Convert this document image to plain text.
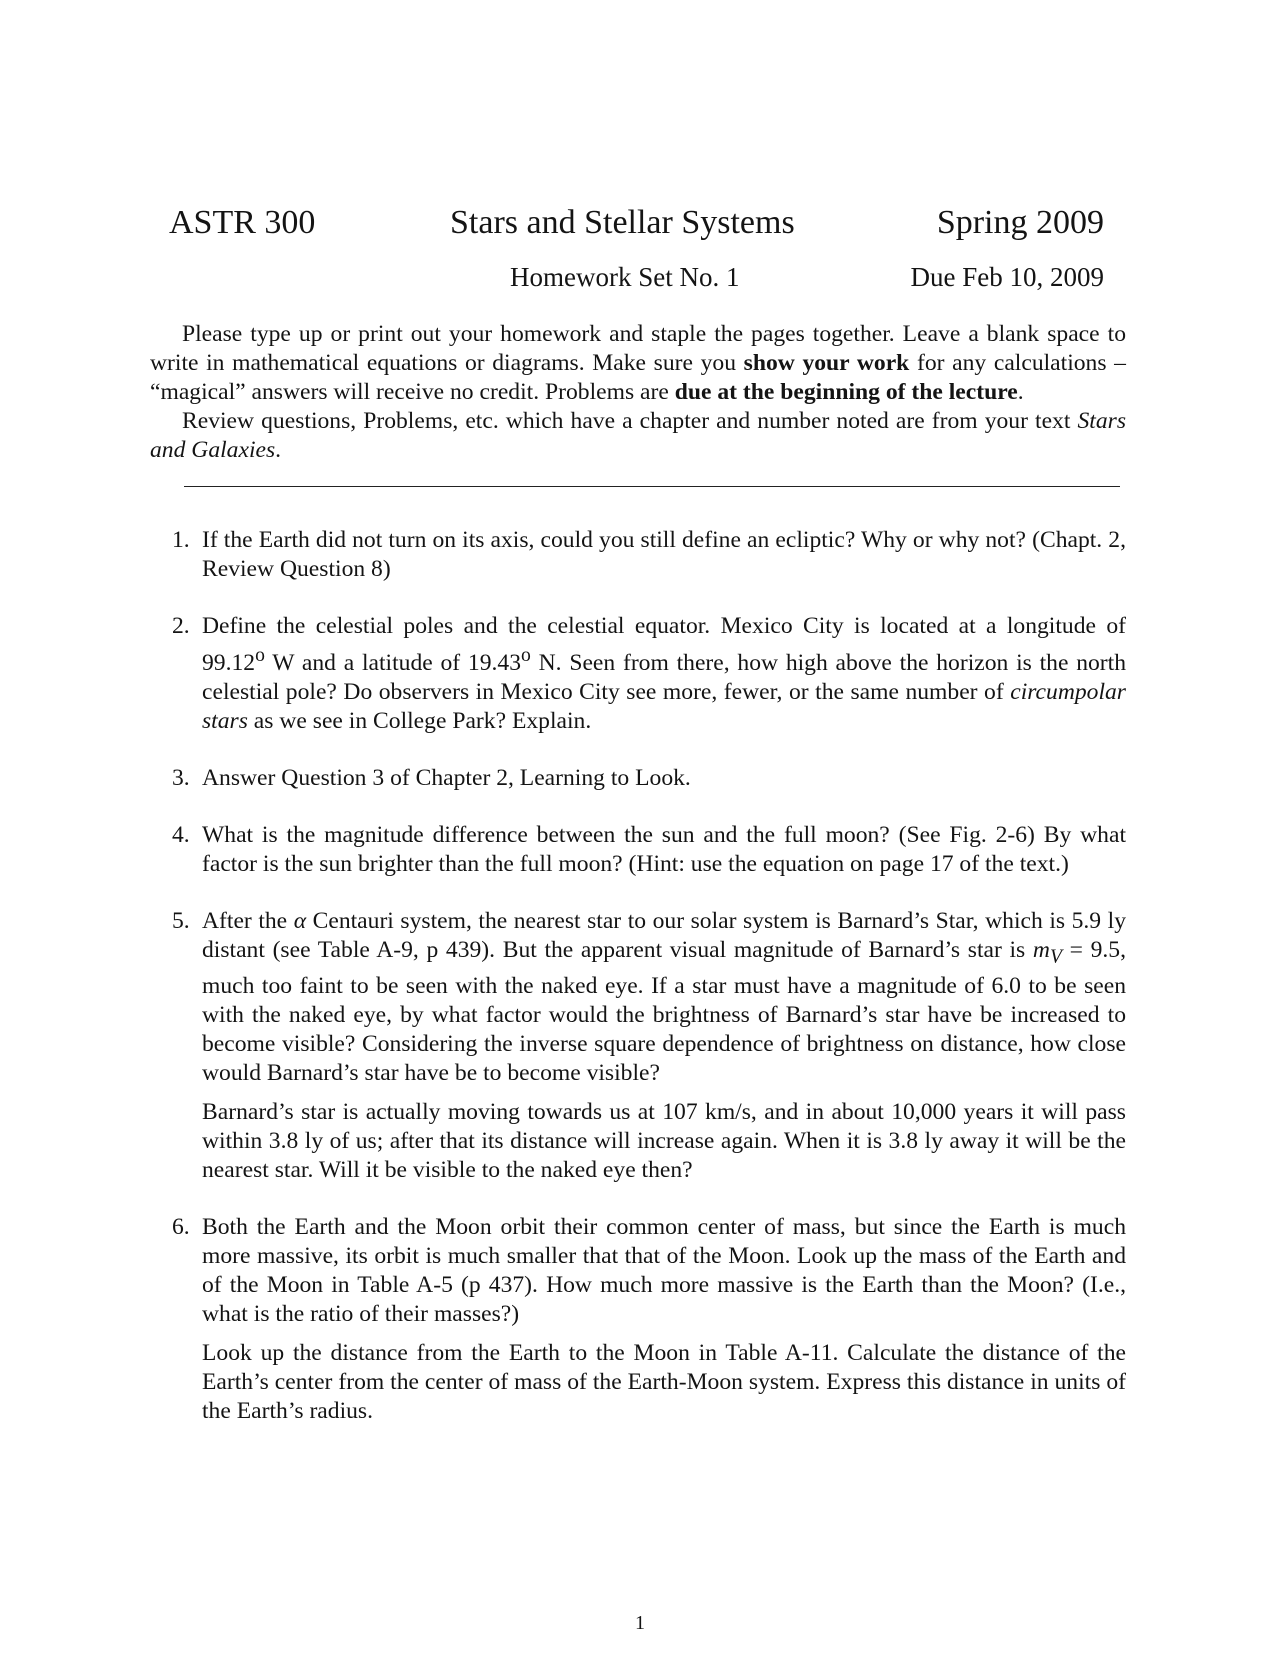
ASTR 300	Stars and Stellar Systems	Spring 2009
Homework Set No. 1	Due Feb 10, 2009

Please type up or print out your homework and staple the pages together. Leave a blank space to write in mathematical equations or diagrams. Make sure you show your work for any calculations – “magical” answers will receive no credit. Problems are due at the beginning of the lecture.

Review questions, Problems, etc. which have a chapter and number noted are from your text Stars and Galaxies.

1. If the Earth did not turn on its axis, could you still define an ecliptic? Why or why not? (Chapt. 2, Review Question 8)

2. Define the celestial poles and the celestial equator. Mexico City is located at a longitude of 99.12$^o$ W and a latitude of 19.43$^o$ N. Seen from there, how high above the horizon is the north celestial pole? Do observers in Mexico City see more, fewer, or the same number of circumpolar stars as we see in College Park? Explain.

3. Answer Question 3 of Chapter 2, Learning to Look.

4. What is the magnitude difference between the sun and the full moon? (See Fig. 2-6) By what factor is the sun brighter than the full moon? (Hint: use the equation on page 17 of the text.)

5. After the α Centauri system, the nearest star to our solar system is Barnard’s Star, which is 5.9 ly distant (see Table A-9, p 439). But the apparent visual magnitude of Barnard’s star is $m_V = 9.5$, much too faint to be seen with the naked eye. If a star must have a magnitude of 6.0 to be seen with the naked eye, by what factor would the brightness of Barnard’s star have be increased to become visible? Considering the inverse square dependence of brightness on distance, how close would Barnard’s star have be to become visible?

Barnard’s star is actually moving towards us at 107 km/s, and in about 10,000 years it will pass within 3.8 ly of us; after that its distance will increase again. When it is 3.8 ly away it will be the nearest star. Will it be visible to the naked eye then?

6. Both the Earth and the Moon orbit their common center of mass, but since the Earth is much more massive, its orbit is much smaller that that of the Moon. Look up the mass of the Earth and of the Moon in Table A-5 (p 437). How much more massive is the Earth than the Moon? (I.e., what is the ratio of their masses?)

Look up the distance from the Earth to the Moon in Table A-11. Calculate the distance of the Earth’s center from the center of mass of the Earth-Moon system. Express this distance in units of the Earth’s radius.

1
